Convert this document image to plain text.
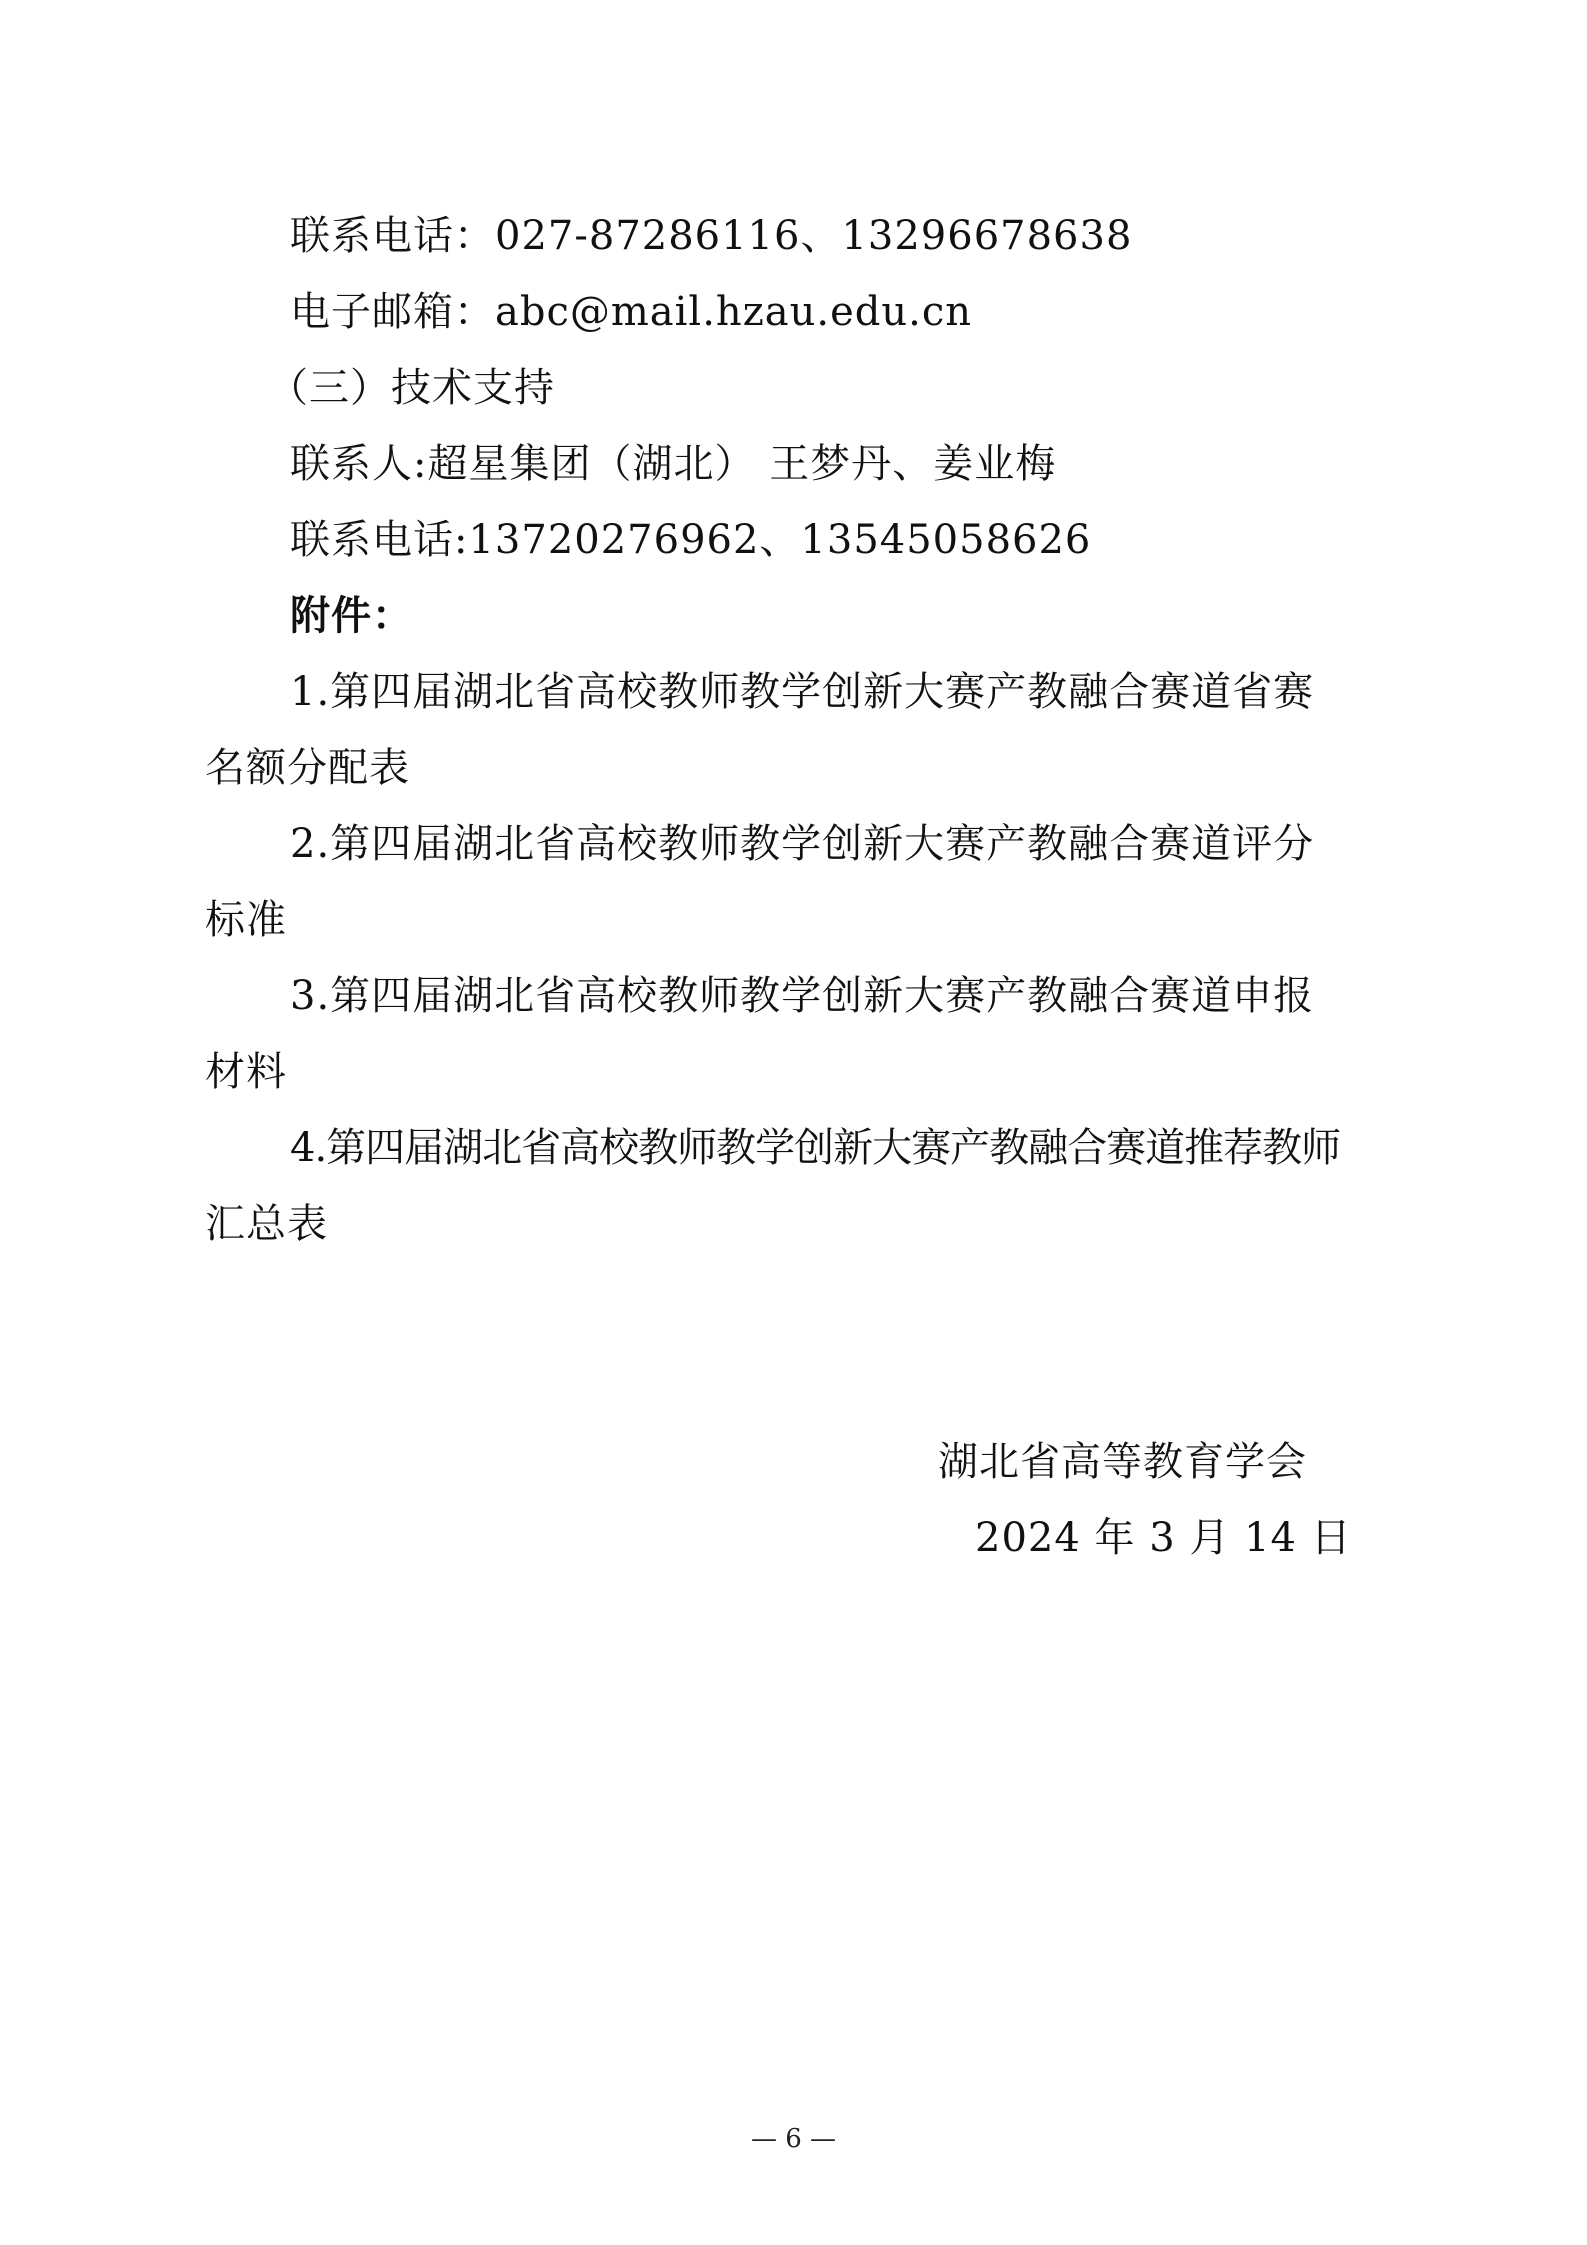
联系电话：027-87286116、13296678638
电子邮箱：abc@mail.hzau.edu.cn
（三）技术支持
联系人:超星集团（湖北） 王梦丹、姜业梅
联系电话:13720276962、13545058626
附件：
1.第四届湖北省高校教师教学创新大赛产教融合赛道省赛
名额分配表
2.第四届湖北省高校教师教学创新大赛产教融合赛道评分
标准
3.第四届湖北省高校教师教学创新大赛产教融合赛道申报
材料
4.第四届湖北省高校教师教学创新大赛产教融合赛道推荐教师
汇总表
湖北省高等教育学会
2024 年 3 月 14 日
— 6 —
